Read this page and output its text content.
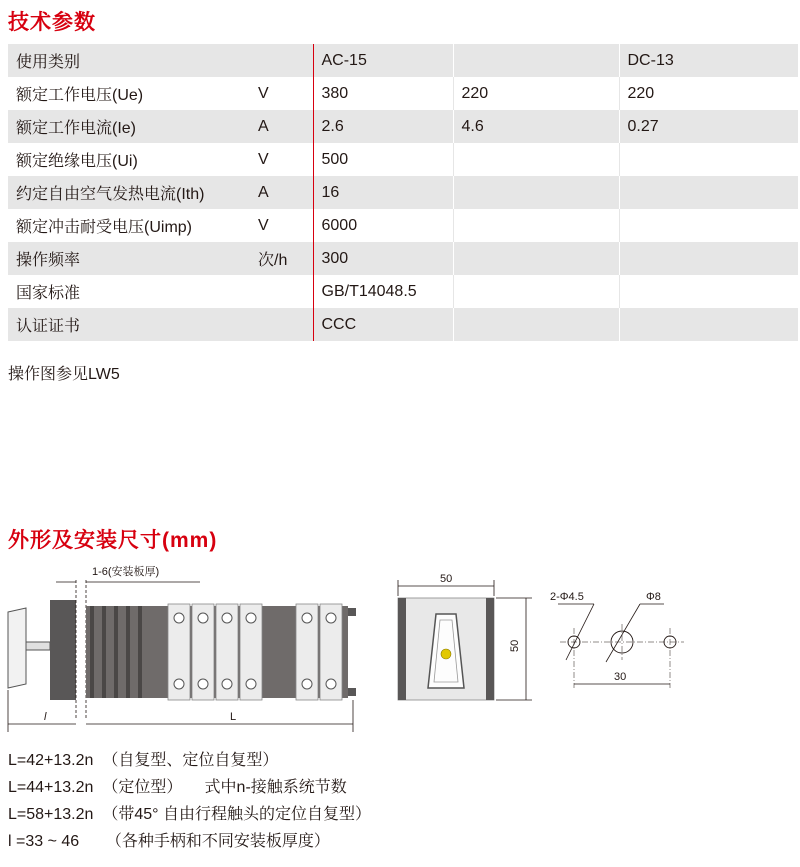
技术参数
使用类别		AC-15		DC-13
额定工作电压(Ue)	V	380	220	220
额定工作电流(Ie)	A	2.6	4.6	0.27
额定绝缘电压(Ui)	V	500		
约定自由空气发热电流(Ith)	A	16		
额定冲击耐受电压(Uimp)	V	6000		
操作频率	次/h	300		
国家标准		GB/T14048.5		
认证证书		CCC		
操作图参见LW5
外形及安装尺寸(mm)
1-6(安装板厚)
l	L
50
50
2-Φ4.5	Φ8
30
L=42+13.2n  （自复型、定位自复型）
L=44+13.2n  （定位型）     式中n-接触系统节数
L=58+13.2n  （带45° 自由行程触头的定位自复型）
l =33 ~ 46      （各种手柄和不同安装板厚度）
